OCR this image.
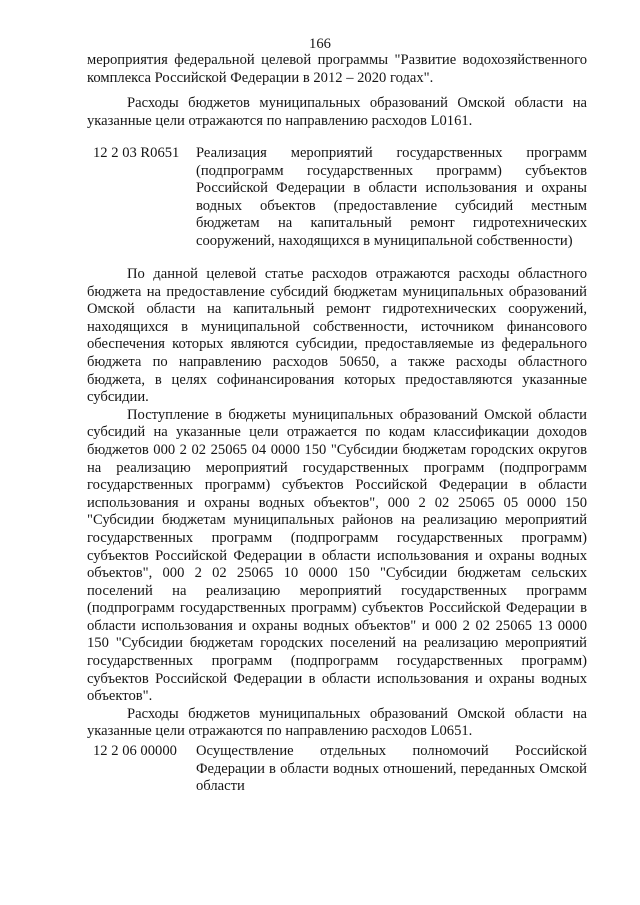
166

мероприятия федеральной целевой программы "Развитие водохозяйственного комплекса Российской Федерации в 2012 – 2020 годах".

Расходы бюджетов муниципальных образований Омской области на указанные цели отражаются по направлению расходов L0161.

12 2 03 R0651 Реализация мероприятий государственных программ (подпрограмм государственных программ) субъектов Российской Федерации в области использования и охраны водных объектов (предоставление субсидий местным бюджетам на капитальный ремонт гидротехнических сооружений, находящихся в муниципальной собственности)

По данной целевой статье расходов отражаются расходы областного бюджета на предоставление субсидий бюджетам муниципальных образований Омской области на капитальный ремонт гидротехнических сооружений, находящихся в муниципальной собственности, источником финансового обеспечения которых являются субсидии, предоставляемые из федерального бюджета по направлению расходов 50650, а также расходы областного бюджета, в целях софинансирования которых предоставляются указанные субсидии.

Поступление в бюджеты муниципальных образований Омской области субсидий на указанные цели отражается по кодам классификации доходов бюджетов 000 2 02 25065 04 0000 150 "Субсидии бюджетам городских округов на реализацию мероприятий государственных программ (подпрограмм государственных программ) субъектов Российской Федерации в области использования и охраны водных объектов", 000 2 02 25065 05 0000 150 "Субсидии бюджетам муниципальных районов на реализацию мероприятий государственных программ (подпрограмм государственных программ) субъектов Российской Федерации в области использования и охраны водных объектов", 000 2 02 25065 10 0000 150 "Субсидии бюджетам сельских поселений на реализацию мероприятий государственных программ (подпрограмм государственных программ) субъектов Российской Федерации в области использования и охраны водных объектов" и 000 2 02 25065 13 0000 150 "Субсидии бюджетам городских поселений на реализацию мероприятий государственных программ (подпрограмм государственных программ) субъектов Российской Федерации в области использования и охраны водных объектов".

Расходы бюджетов муниципальных образований Омской области на указанные цели отражаются по направлению расходов L0651.

12 2 06 00000 Осуществление отдельных полномочий Российской Федерации в области водных отношений, переданных Омской области
